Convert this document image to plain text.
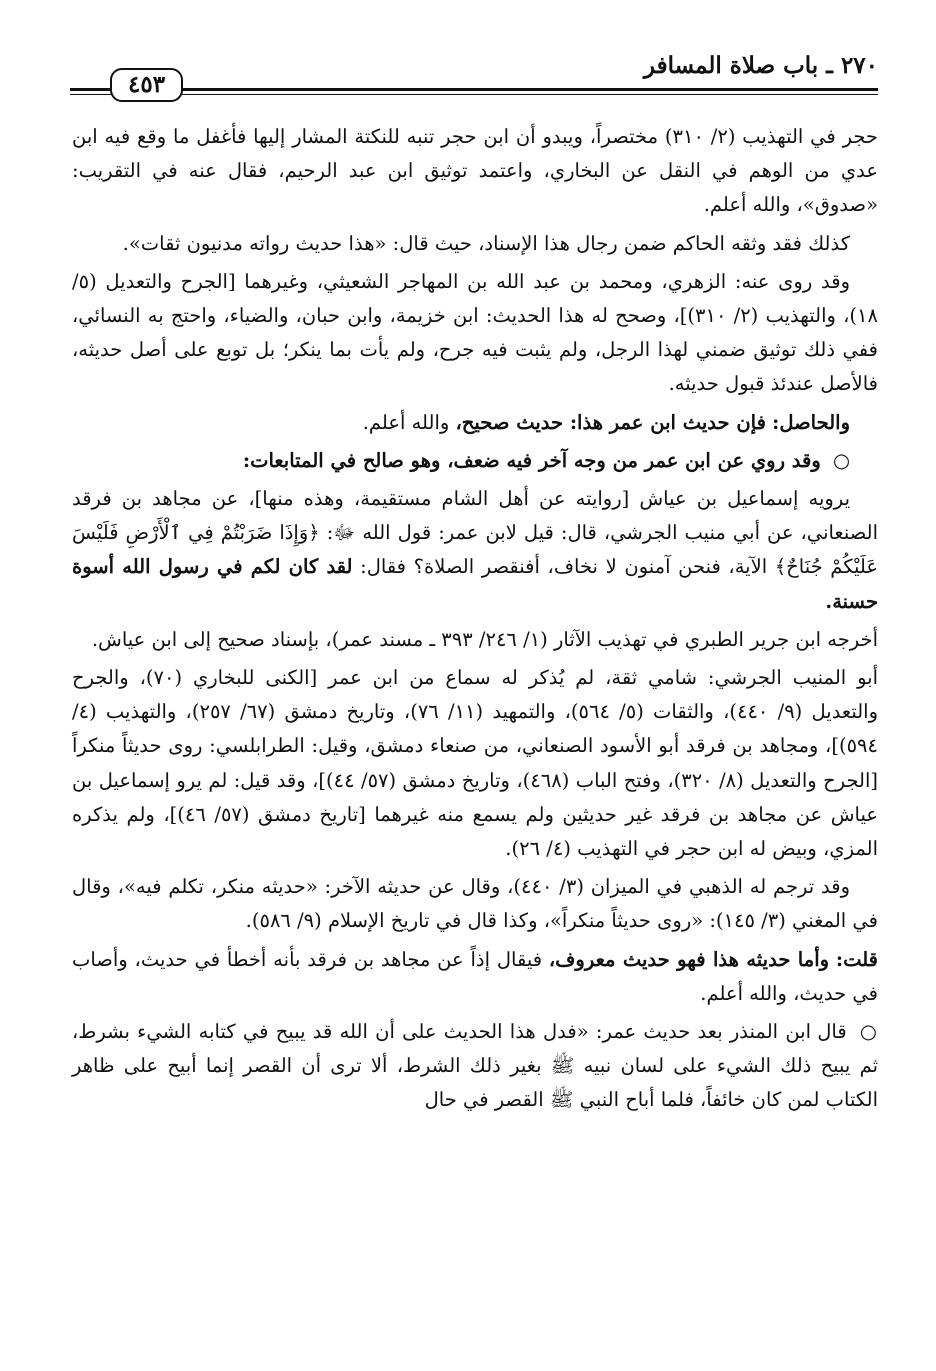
٢٧٠ ـ باب صلاة المسافر
٤٥٣

حجر في التهذيب (٢/ ٣١٠) مختصراً، ويبدو أن ابن حجر تنبه للنكتة المشار إليها فأغفل ما وقع فيه ابن عدي من الوهم في النقل عن البخاري، واعتمد توثيق ابن عبد الرحيم، فقال عنه في التقريب: «صدوق»، والله أعلم.

كذلك فقد وثقه الحاكم ضمن رجال هذا الإسناد، حيث قال: «هذا حديث رواته مدنيون ثقات».

وقد روى عنه: الزهري، ومحمد بن عبد الله بن المهاجر الشعيثي، وغيرهما [الجرح والتعديل (٥/ ١٨)، والتهذيب (٢/ ٣١٠)]، وصحح له هذا الحديث: ابن خزيمة، وابن حبان، والضياء، واحتج به النسائي، ففي ذلك توثيق ضمني لهذا الرجل، ولم يثبت فيه جرح، ولم يأت بما ينكر؛ بل توبع على أصل حديثه، فالأصل عندئذ قبول حديثه.

والحاصل: فإن حديث ابن عمر هذا: حديث صحيح، والله أعلم.

○ وقد روي عن ابن عمر من وجه آخر فيه ضعف، وهو صالح في المتابعات:

يرويه إسماعيل بن عياش [روايته عن أهل الشام مستقيمة، وهذه منها]، عن مجاهد بن فرقد الصنعاني، عن أبي منيب الجرشي، قال: قيل لابن عمر: قول الله ﷻ: ﴿وَإِذَا ضَرَبْتُمْ فِي ٱلْأَرْضِ فَلَيْسَ عَلَيْكُمْ جُنَاحٌ﴾ الآية، فنحن آمنون لا نخاف، أفنقصر الصلاة؟ فقال: لقد كان لكم في رسول الله أسوة حسنة.

أخرجه ابن جرير الطبري في تهذيب الآثار (١/ ٢٤٦/ ٣٩٣ ـ مسند عمر)، بإسناد صحيح إلى ابن عياش.

أبو المنيب الجرشي: شامي ثقة، لم يُذكر له سماع من ابن عمر [الكنى للبخاري (٧٠)، والجرح والتعديل (٩/ ٤٤٠)، والثقات (٥/ ٥٦٤)، والتمهيد (١١/ ٧٦)، وتاريخ دمشق (٦٧/ ٢٥٧)، والتهذيب (٤/ ٥٩٤)]، ومجاهد بن فرقد أبو الأسود الصنعاني، من صنعاء دمشق، وقيل: الطرابلسي: روى حديثاً منكراً [الجرح والتعديل (٨/ ٣٢٠)، وفتح الباب (٤٦٨)، وتاريخ دمشق (٥٧/ ٤٤)]، وقد قيل: لم يرو إسماعيل بن عياش عن مجاهد بن فرقد غير حديثين ولم يسمع منه غيرهما [تاريخ دمشق (٥٧/ ٤٦)]، ولم يذكره المزي، وبيض له ابن حجر في التهذيب (٤/ ٢٦).

وقد ترجم له الذهبي في الميزان (٣/ ٤٤٠)، وقال عن حديثه الآخر: «حديثه منكر، تكلم فيه»، وقال في المغني (٣/ ١٤٥): «روى حديثاً منكراً»، وكذا قال في تاريخ الإسلام (٩/ ٥٨٦).

قلت: وأما حديثه هذا فهو حديث معروف، فيقال إذاً عن مجاهد بن فرقد بأنه أخطأ في حديث، وأصاب في حديث، والله أعلم.

○ قال ابن المنذر بعد حديث عمر: «فدل هذا الحديث على أن الله قد يبيح في كتابه الشيء بشرط، ثم يبيح ذلك الشيء على لسان نبيه ﷺ بغير ذلك الشرط، ألا ترى أن القصر إنما أبيح على ظاهر الكتاب لمن كان خائفاً، فلما أباح النبي ﷺ القصر في حال
